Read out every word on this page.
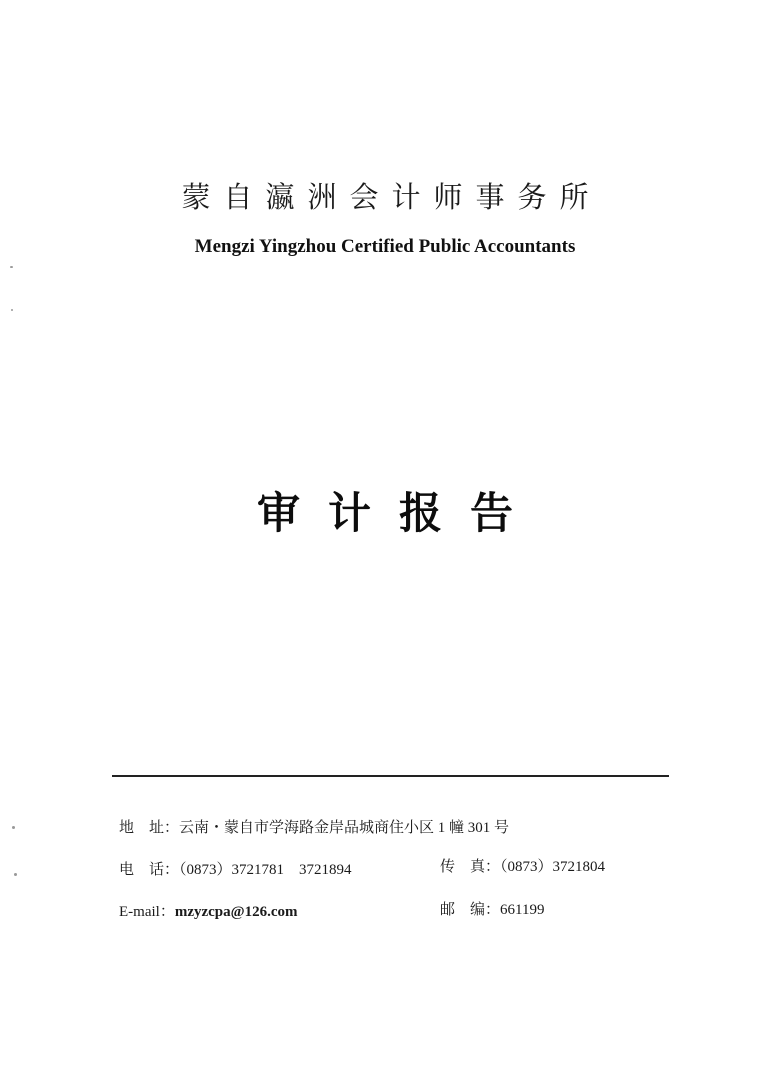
蒙自瀛洲会计师事务所
Mengzi Yingzhou Certified Public Accountants
审计报告
地　址：云南・蒙自市学海路金岸品城商住小区 1 幢 301 号
电　话：（0873）3721781　3721894	传　真：（0873）3721804
E-mail：mzyzcpa@126.com	邮　编：661199
